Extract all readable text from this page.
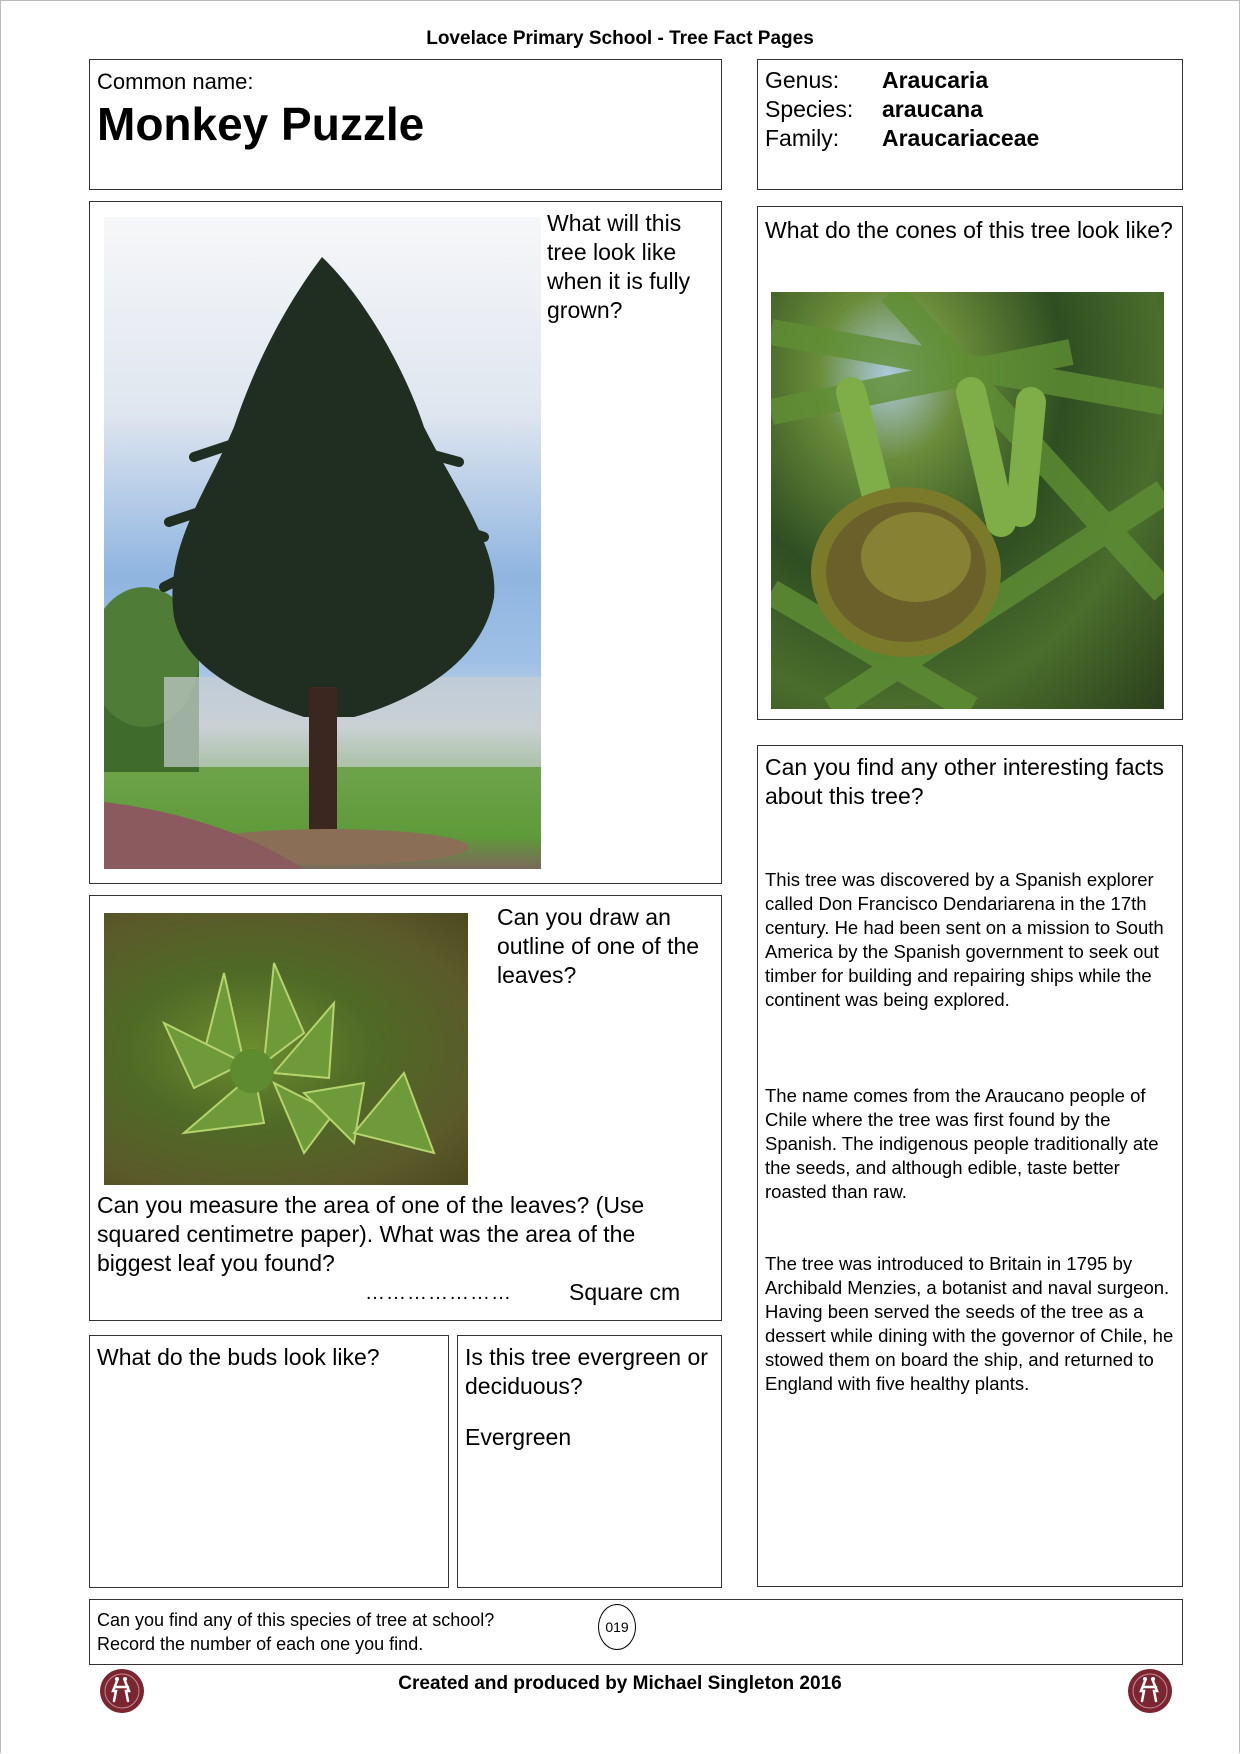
Lovelace Primary School - Tree Fact Pages
Common name:
Monkey Puzzle
Genus:	Araucaria
Species:	araucana
Family:	Araucariaceae
What will this tree look like when it is fully grown?
What do the cones of this tree look like?
Can you find any other interesting facts about this tree?

This tree was discovered by a Spanish explorer called Don Francisco Dendariarena in the 17th century. He had been sent on a mission to South America by the Spanish government to seek out timber for building and repairing ships while the continent was being explored.

The name comes from the Araucano people of Chile where the tree was first found by the Spanish. The indigenous people traditionally ate the seeds, and although edible, taste better roasted than raw.

The tree was introduced to Britain in 1795 by Archibald Menzies, a botanist and naval surgeon. Having been served the seeds of the tree as a dessert while dining with the governor of Chile, he stowed them on board the ship, and returned to England with five healthy plants.

Can you draw an outline of one of the leaves?
Can you measure the area of one of the leaves? (Use squared centimetre paper). What was the area of the biggest leaf you found?
………………… Square cm
What do the buds look like?	Is this tree evergreen or deciduous?
Evergreen
Can you find any of this species of tree at school?
Record the number of each one you find.
019
Created and produced by Michael Singleton 2016
